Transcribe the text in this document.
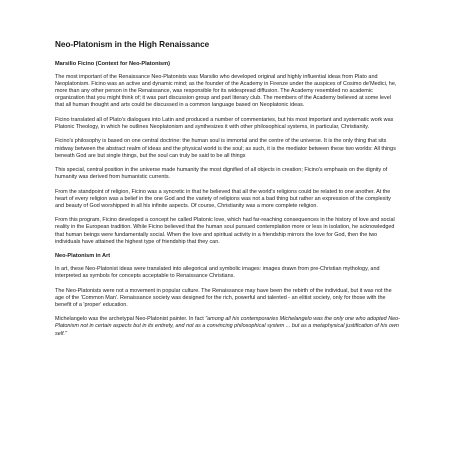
Neo-Platonism in the High Renaissance
Marsilio Ficino (Context for Neo-Platonism)

The most important of the Renaissance Neo-Platonists was Marsilio who developed original and highly influential ideas from Plato and Neoplatonism. Ficino was an active and dynamic mind; as the founder of the Academy in Firenze under the auspices of Cosimo de'Medici, he, more than any other person in the Renaissance, was responsible for its widespread diffusion. The Academy resembled no academic organization that you might think of; it was part discussion group and part literary club. The members of the Academy believed at some level that all human thought and arts could be discussed in a common language based on Neoplatonic ideas.

Ficino translated all of Plato's dialogues into Latin and produced a number of commentaries, but his most important and systematic work was Platonic Theology, in which he outlines Neoplatonism and synthesizes it with other philosophical systems, in particular, Christianity.

Ficino's philosophy is based on one central doctrine: the human soul is immortal and the centre of the universe. It is the only thing that sits midway between the abstract realm of ideas and the physical world is the soul; as such, it is the mediator between these two worlds: All things beneath God are but single things, but the soul can truly be said to be all things

This special, central position in the universe made humanity the most dignified of all objects in creation; Ficino's emphasis on the dignity of humanity was derived from humanistic currents.

From the standpoint of religion, Ficino was a syncretic in that he believed that all the world's religions could be related to one another. At the heart of every religion was a belief in the one God and the variety of religions was not a bad thing but rather an expression of the complexity and beauty of God worshipped in all his infinite aspects. Of course, Christianity was a more complete religion.

From this program, Ficino developed a concept he called Platonic love, which had far-reaching consequences in the history of love and social reality in the European tradition. While Ficino believed that the human soul pursued contemplation more or less in isolation, he acknowledged that human beings were fundamentally social. When the love and spiritual activity in a friendship mirrors the love for God, then the two individuals have attained the highest type of friendship that they can.

Neo-Platonism in Art

In art, these Neo-Platonist ideas were translated into allegorical and symbolic images: images drawn from pre-Christian mythology, and interpreted as symbols for concepts acceptable to Renaissance Christians.

The Neo-Platonists were not a movement in popular culture. The Renaissance may have been the rebirth of the individual, but it was not the age of the 'Common Man'. Renaissance society was designed for the rich, powerful and talented - an elitist society, only for those with the benefit of a 'proper' education.

Michelangelo was the archetypal Neo-Platonist painter. In fact "among all his contemporaries Michelangelo was the only one who adopted Neo-Platonism not in certain aspects but in its entirety, and not as a convincing philosophical system ... but as a metaphysical justification of his own self."
